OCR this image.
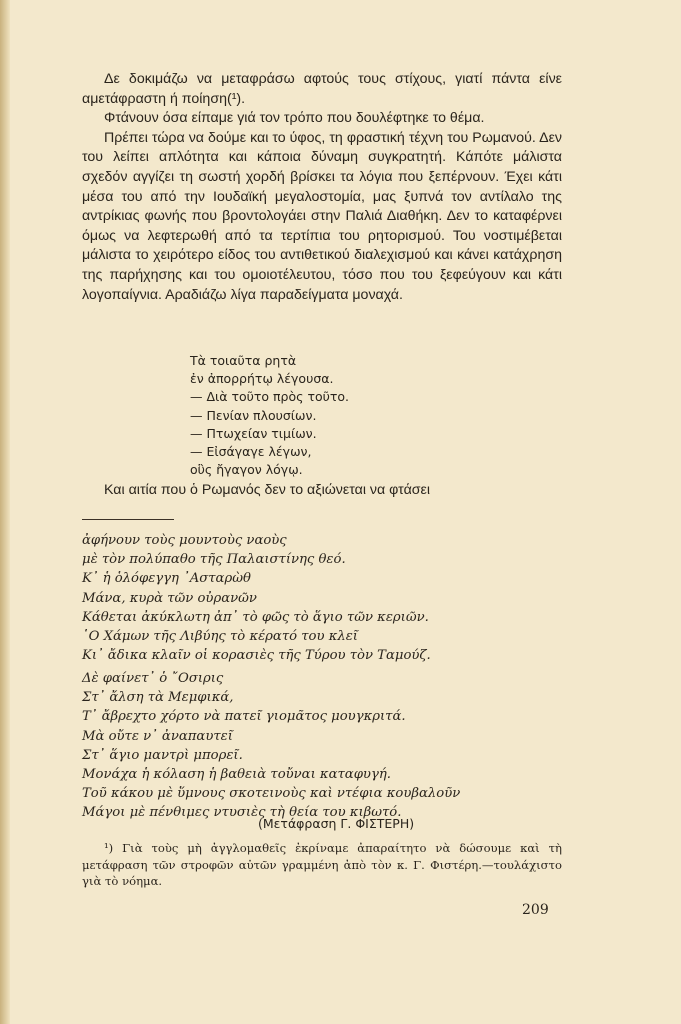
Δε δοκιμάζω να μεταφράσω αφτούς τους στίχους, γιατί πάντα είνε αμετάφραστη ή ποίηση(¹).

Φτάνουν όσα είπαμε γιά τον τρόπο που δουλέφτηκε το θέμα.

Πρέπει τώρα να δούμε και το ύφος, τη φραστική τέχνη του Ρωμανού. Δεν του λείπει απλότητα και κάποια δύναμη συγκρατητή. Κάπότε μάλιστα σχεδόν αγγίζει τη σωστή χορδή βρίσκει τα λόγια που ξεπέρνουν. Έχει κάτι μέσα του από την Ιουδαϊκή μεγαλοστομία, μας ξυπνά τον αντίλαλο της αντρίκιας φωνής που βροντολογάει στην Παλιά Διαθήκη. Δεν το καταφέρνει όμως να λεφτερωθή από τα τερτίπια του ρητορισμού. Του νοστιμέβεται μάλιστα το χειρότερο είδος του αντιθετικού διαλεχισμού και κάνει κατάχρηση της παρήχησης και του ομοιοτέλευτου, τόσο που του ξεφεύγουν και κάτι λογοπαίγνια. Αραδιάζω λίγα παραδείγματα μοναχά.

Τὰ τοιαῦτα ρητὰ
ἐν ἀπορρήτῳ λέγουσα.
— Διὰ τοῦτο πρὸς τοῦτο.
— Πενίαν πλουσίων.
— Πτωχείαν τιμίων.
— Εἰσάγαγε λέγων,
οὓς ἤγαγον λόγῳ.
Και αιτία που ὁ Ρωμανός δεν το αξιώνεται να φτάσει
ἀφήνουν τοὺς μουντοὺς ναοὺς
μὲ τὸν πολύπαθο τῆς Παλαιστίνης θεό.
Κ᾿ ἡ ὁλόφεγγη ᾿Ασταρὼθ
Μάνα, κυρὰ τῶν οὐρανῶν
Κάθεται ἀκύκλωτη ἀπ᾿ τὸ φῶς τὸ ἅγιο τῶν κεριῶν.
῾Ο Χάμων τῆς Λιβύης τὸ κέρατό του κλεῖ
Κι᾿ ἄδικα κλαῖν οἱ κορασιὲς τῆς Τύρου τὸν Ταμούζ.
Δὲ φαίνετ᾿ ὁ ῎Οσιρις
Στ᾿ ἄλση τὰ Μεμφικά,
Τ᾿ ἄβρεχτο χόρτο νὰ πατεῖ γιομᾶτος μουγκριτά.
Μὰ οὔτε ν᾿ ἀναπαυτεῖ
Στ᾿ ἅγιο μαντρὶ μπορεῖ.
Μονάχα ἡ κόλαση ἡ βαθειὰ τοὔναι καταφυγή.
Τοῦ κάκου μὲ ὕμνους σκοτεινοὺς καὶ ντέφια κουβαλοῦν
Μάγοι μὲ πένθιμες ντυσιὲς τὴ θεία του κιβωτό.
(Μετάφραση Γ. ΦΙΣΤΕΡΗ)

¹) Γιὰ τοὺς μὴ ἀγγλομαθεῖς ἐκρίναμε ἀπαραίτητο νὰ δώσουμε καὶ τὴ μετάφραση τῶν στροφῶν αὐτῶν γραμμένη ἀπὸ τὸν κ. Γ. Φιστέρη.—τουλάχιστο γιὰ τὸ νόημα.

209
